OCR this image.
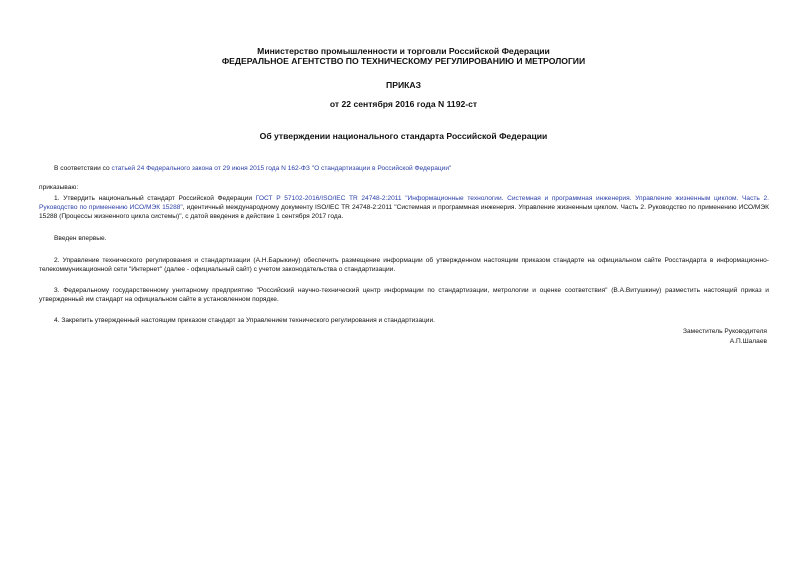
Министерство промышленности и торговли Российской Федерации
ФЕДЕРАЛЬНОЕ АГЕНТСТВО ПО ТЕХНИЧЕСКОМУ РЕГУЛИРОВАНИЮ И МЕТРОЛОГИИ
ПРИКАЗ
от 22 сентября 2016 года N 1192-ст
Об утверждении национального стандарта Российской Федерации
В соответствии со статьей 24 Федерального закона от 29 июня 2015 года N 162-ФЗ "О стандартизации в Российской Федерации"
приказываю:
1. Утвердить национальный стандарт Российской Федерации ГОСТ Р 57102-2016/ISO/IEC TR 24748-2:2011 "Информационные технологии. Системная и программная инженерия. Управление жизненным циклом. Часть 2. Руководство по применению ИСО/МЭК 15288", идентичный международному документу ISO/IEC TR 24748-2:2011 "Системная и программная инженерия. Управление жизненным циклом. Часть 2. Руководство по применению ИСО/МЭК 15288 (Процессы жизненного цикла системы)", с датой введения в действие 1 сентября 2017 года.
Введен впервые.
2. Управление технического регулирования и стандартизации (А.Н.Барыкину) обеспечить размещение информации об утвержденном настоящим приказом стандарте на официальном сайте Росстандарта в информационно-телекоммуникационной сети "Интернет" (далее - официальный сайт) с учетом законодательства о стандартизации.
3. Федеральному государственному унитарному предприятию "Российский научно-технический центр информации по стандартизации, метрологии и оценке соответствия" (В.А.Витушкину) разместить настоящий приказ и утвержденный им стандарт на официальном сайте в установленном порядке.
4. Закрепить утвержденный настоящим приказом стандарт за Управлением технического регулирования и стандартизации.
Заместитель Руководителя
А.П.Шалаев
